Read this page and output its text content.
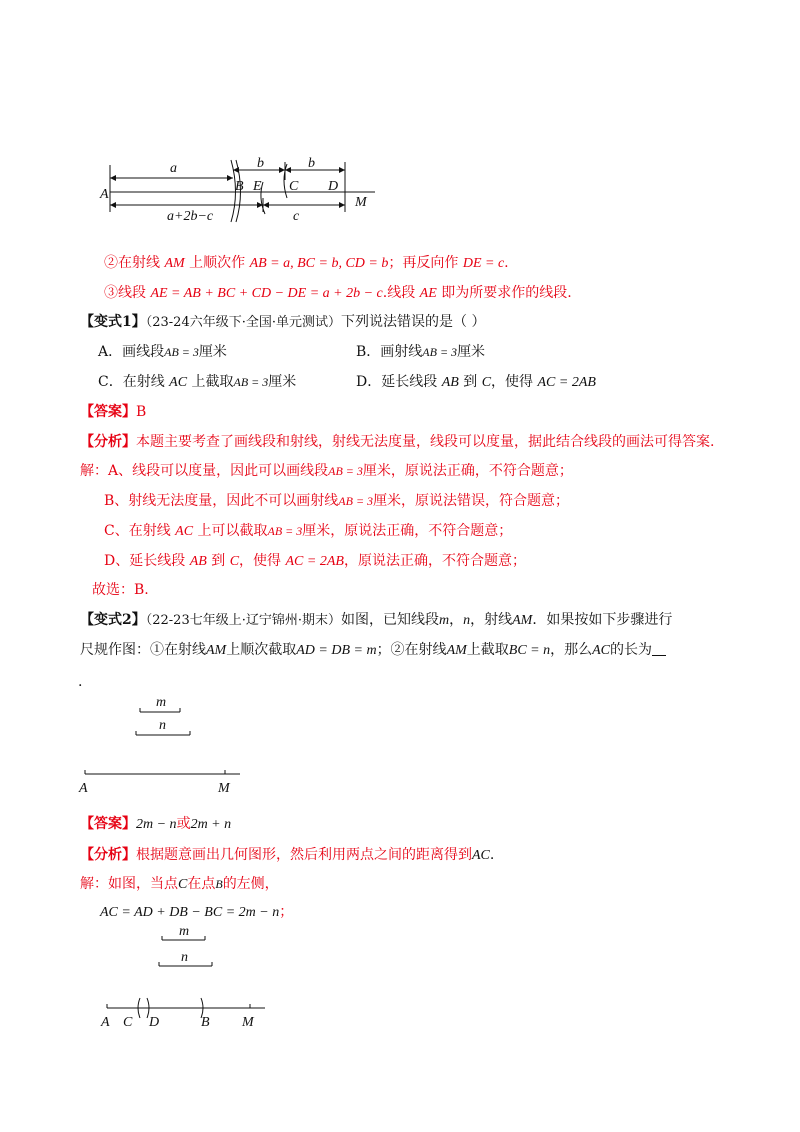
a	b	b
A
B E C D
M
a+2b−c	c
②在射线 AM 上顺次作 AB = a, BC = b, CD = b；再反向作 DE = c.
③线段 AE = AB + BC + CD − DE = a + 2b − c.线段 AE 即为所要求作的线段.
【变式1】（23-24六年级下·全国·单元测试）下列说法错误的是（ ）
A．画线段AB = 3厘米	B．画射线AB = 3厘米
C．在射线 AC 上截取AB = 3厘米	D．延长线段 AB 到 C，使得 AC = 2AB
【答案】B
【分析】本题主要考查了画线段和射线，射线无法度量，线段可以度量，据此结合线段的画法可得答案.
解：A、线段可以度量，因此可以画线段AB = 3厘米，原说法正确，不符合题意；
B、射线无法度量，因此不可以画射线AB = 3厘米，原说法错误，符合题意；
C、在射线 AC 上可以截取AB = 3厘米，原说法正确，不符合题意；
D、延长线段 AB 到 C，使得 AC = 2AB，原说法正确，不符合题意；
故选：B.
【变式2】（22-23七年级上·辽宁锦州·期末）如图，已知线段m，n，射线AM．如果按如下步骤进行
尺规作图：①在射线AM上顺次截取AD = DB = m；②在射线AM上截取BC = n，那么AC的长为
.
m
n
A	M
【答案】2m − n或2m + n
【分析】根据题意画出几何图形，然后利用两点之间的距离得到AC.
解：如图，当点C在点B的左侧，
AC = AD + DB − BC = 2m − n；
m
n
A C D	B M
